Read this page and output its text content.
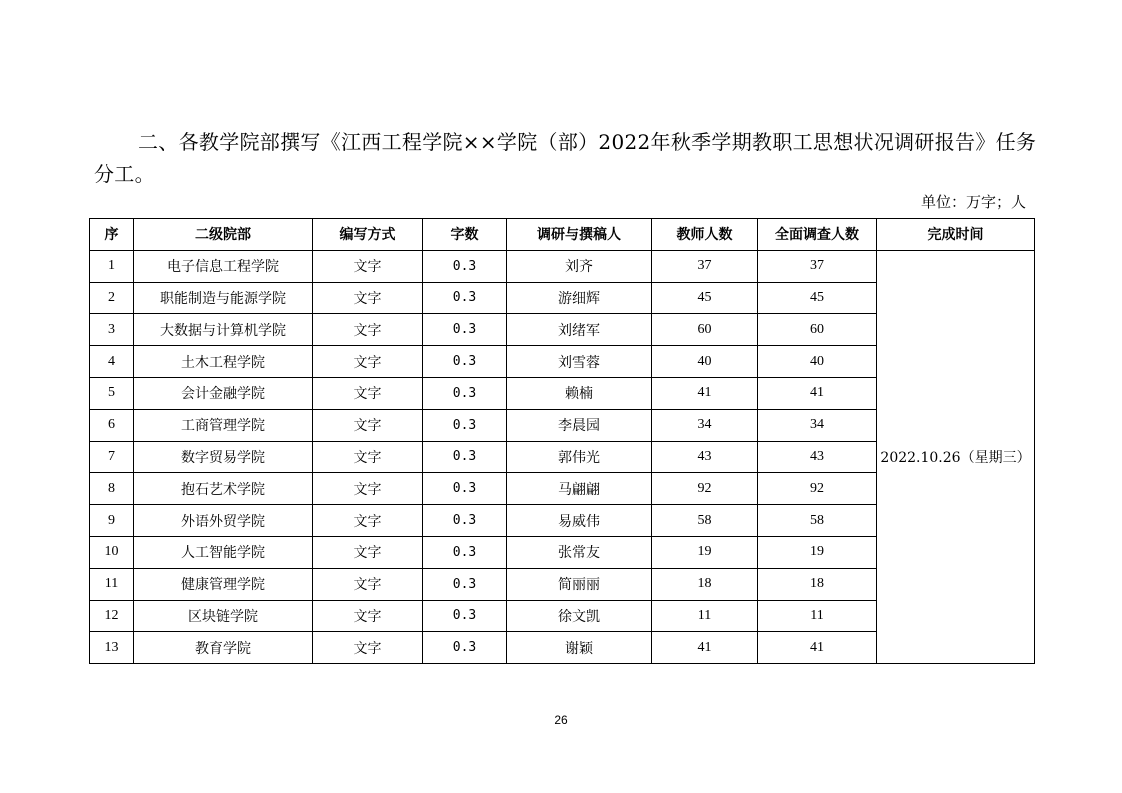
二、各教学院部撰写《江西工程学院××学院（部）2022年秋季学期教职工思想状况调研报告》任务分工。
单位：万字；人
序	二级院部	编写方式	字数	调研与撰稿人	教师人数	全面调查人数	完成时间
1	电子信息工程学院	文字	0.3	刘齐	37	37	2022.10.26（星期三）
2	职能制造与能源学院	文字	0.3	游细辉	45	45	
3	大数据与计算机学院	文字	0.3	刘绪军	60	60	
4	土木工程学院	文字	0.3	刘雪蓉	40	40	
5	会计金融学院	文字	0.3	赖楠	41	41	
6	工商管理学院	文字	0.3	李晨园	34	34	
7	数字贸易学院	文字	0.3	郭伟光	43	43	
8	抱石艺术学院	文字	0.3	马翩翩	92	92	
9	外语外贸学院	文字	0.3	易威伟	58	58	
10	人工智能学院	文字	0.3	张常友	19	19	
11	健康管理学院	文字	0.3	简丽丽	18	18	
12	区块链学院	文字	0.3	徐文凯	11	11	
13	教育学院	文字	0.3	谢颖	41	41	
26
